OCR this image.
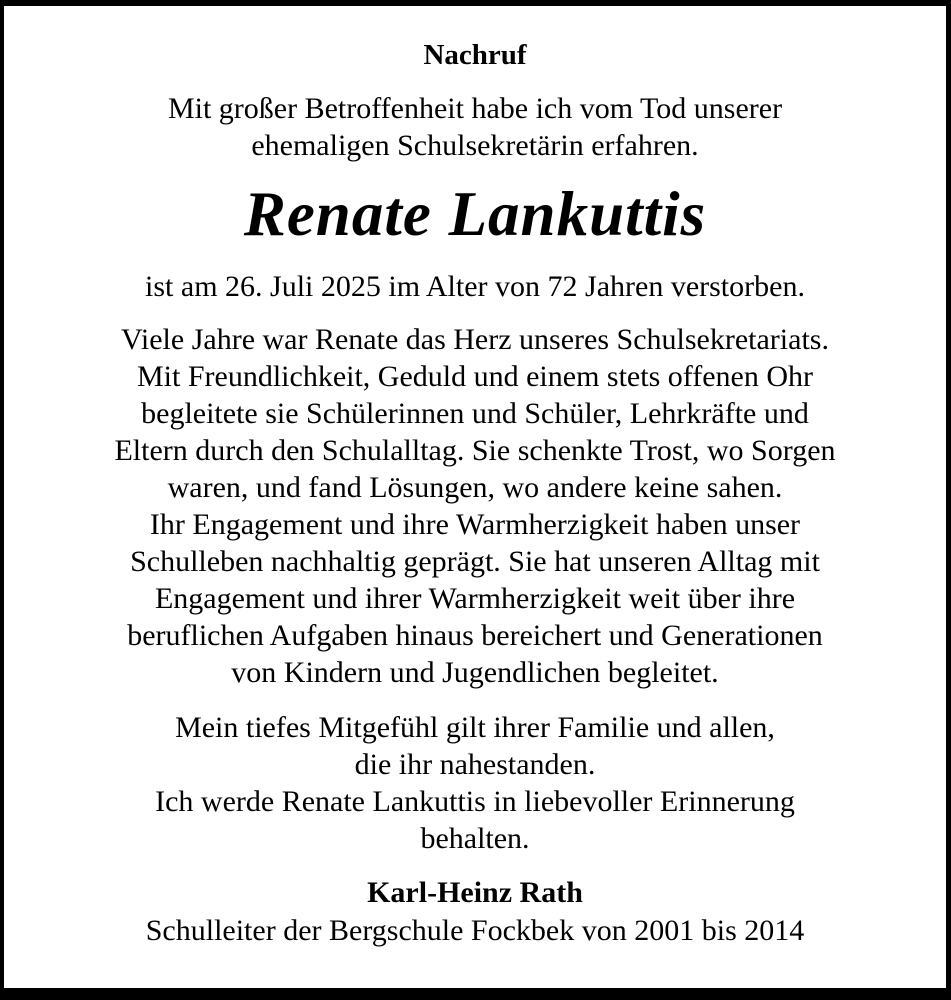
Nachruf
Mit großer Betroffenheit habe ich vom Tod unserer
ehemaligen Schulsekretärin erfahren.
Renate Lankuttis
ist am 26. Juli 2025 im Alter von 72 Jahren verstorben.
Viele Jahre war Renate das Herz unseres Schulsekretariats.
Mit Freundlichkeit, Geduld und einem stets offenen Ohr
begleitete sie Schülerinnen und Schüler, Lehrkräfte und
Eltern durch den Schulalltag. Sie schenkte Trost, wo Sorgen
waren, und fand Lösungen, wo andere keine sahen.
Ihr Engagement und ihre Warmherzigkeit haben unser
Schulleben nachhaltig geprägt. Sie hat unseren Alltag mit
Engagement und ihrer Warmherzigkeit weit über ihre
beruflichen Aufgaben hinaus bereichert und Generationen
von Kindern und Jugendlichen begleitet.
Mein tiefes Mitgefühl gilt ihrer Familie und allen,
die ihr nahestanden.
Ich werde Renate Lankuttis in liebevoller Erinnerung
behalten.
Karl-Heinz Rath
Schulleiter der Bergschule Fockbek von 2001 bis 2014
